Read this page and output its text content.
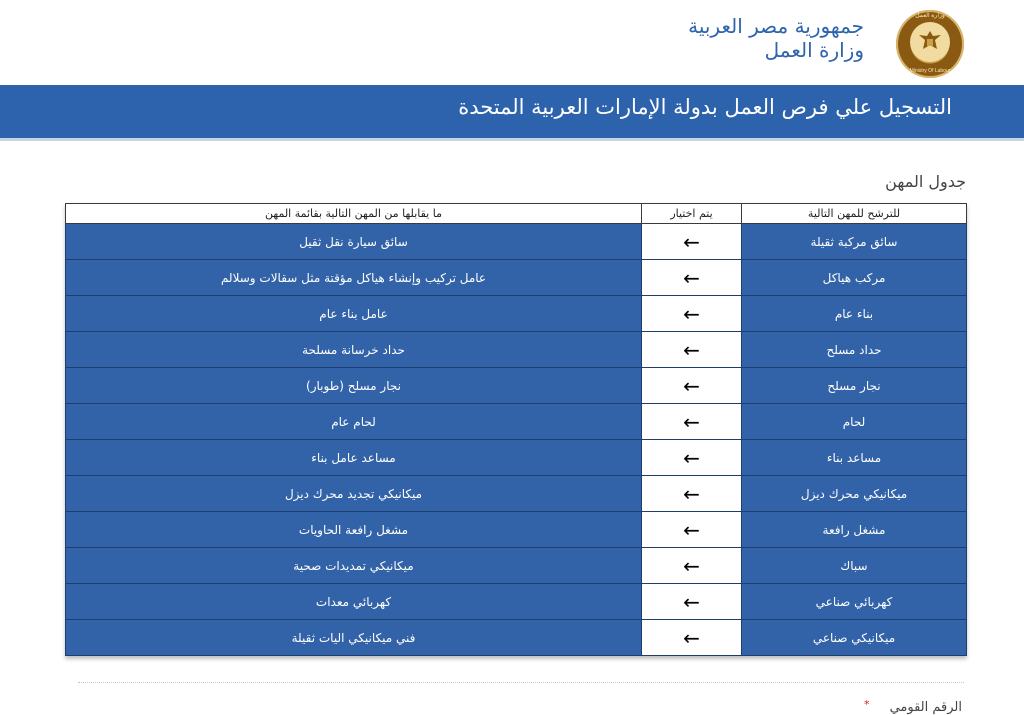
وزارة العمل
Ministry Of Labour
جمهورية مصر العربية
وزارة العمل
التسجيل علي فرص العمل بدولة الإمارات العربية المتحدة
جدول المهن
للترشح للمهن التالية	يتم اختيار	ما يقابلها من المهن التالية بقائمة المهن
سائق مركبة ثقيلة	←	سائق سيارة نقل ثقيل
مركب هياكل	←	عامل تركيب وإنشاء هياكل مؤقتة مثل سقالات وسلالم
بناء عام	←	عامل بناء عام
حداد مسلح	←	حداد خرسانة مسلحة
نجار مسلح	←	نجار مسلح (طوبار)
لحام	←	لحام عام
مساعد بناء	←	مساعد عامل بناء
ميكانيكي محرك ديزل	←	ميكانيكي تجديد محرك ديزل
مشغل رافعة	←	مشغل رافعة الحاويات
سباك	←	ميكانيكي تمديدات صحية
كهربائي صناعي	←	كهربائي معدات
ميكانيكي صناعي	←	فني ميكانيكي اليات ثقيلة
الرقم القومي
*
